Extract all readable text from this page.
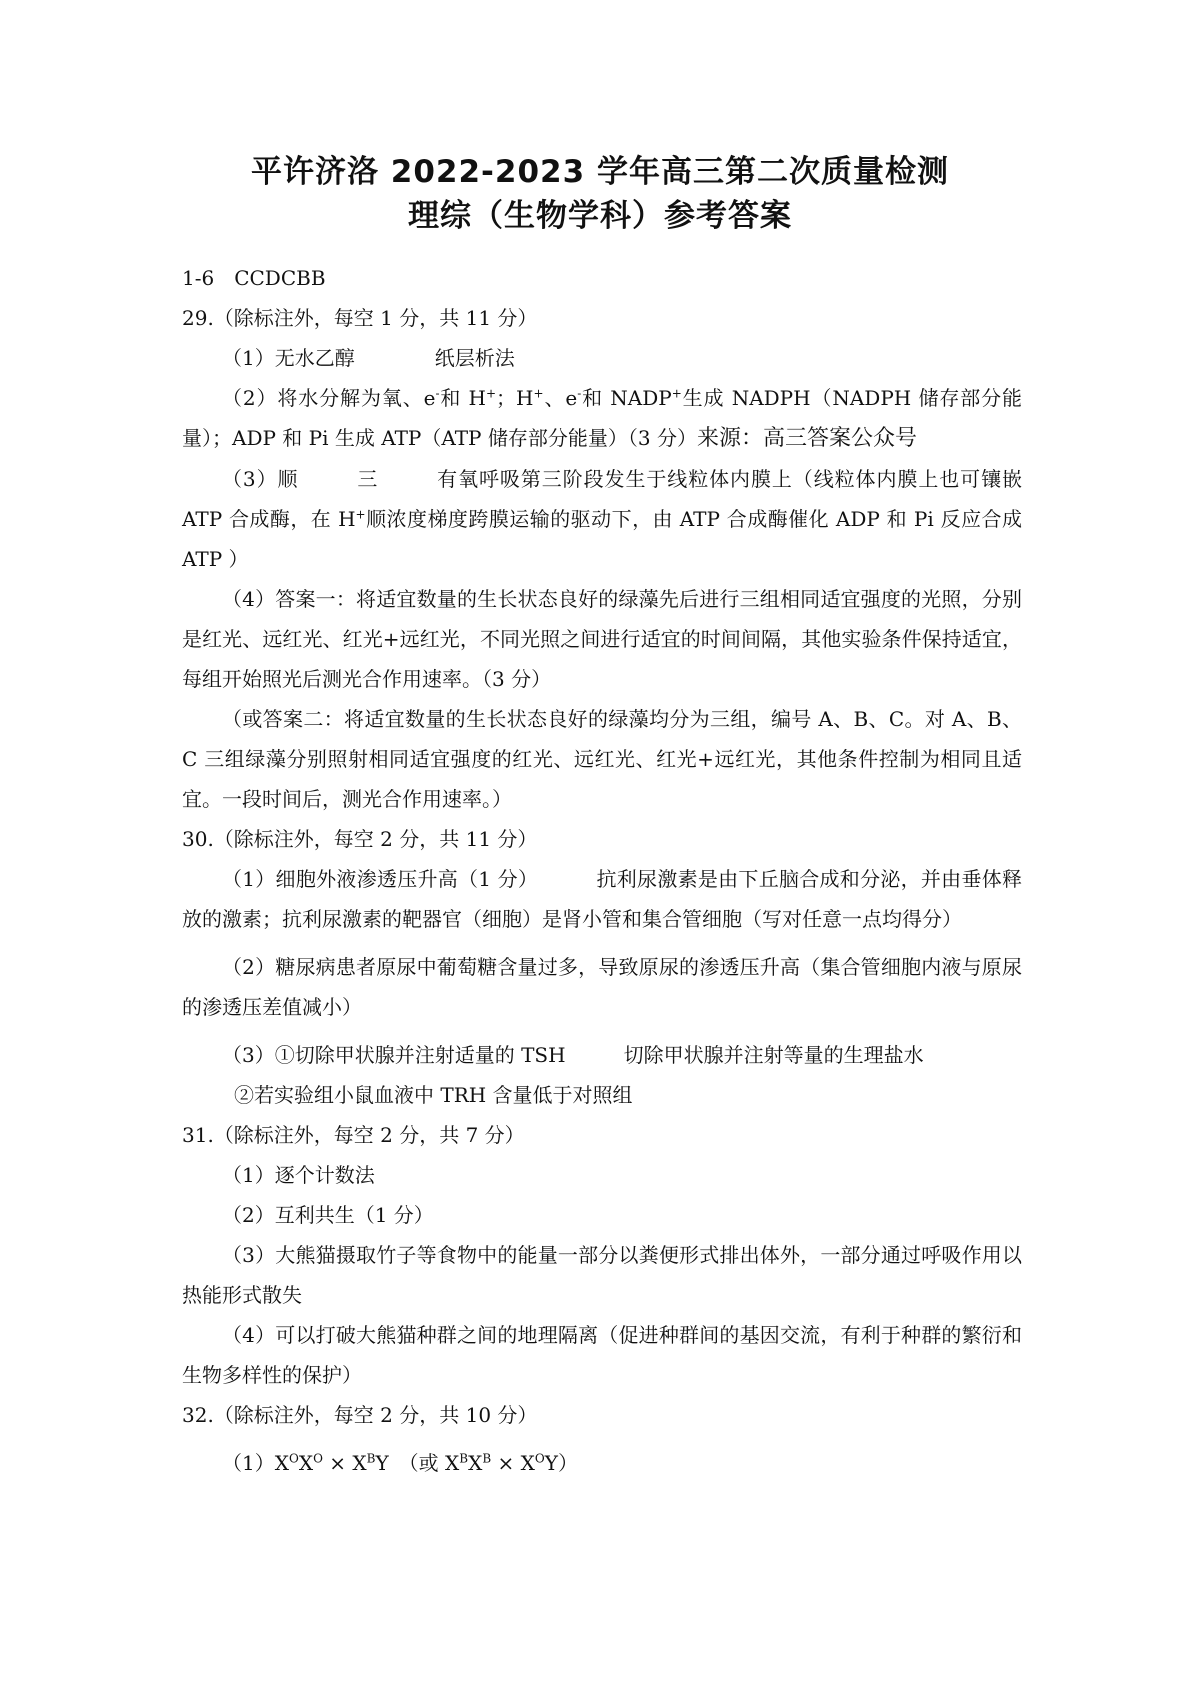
平许济洛 2022-2023 学年高三第二次质量检测
理综（生物学科）参考答案

1-6　CCDCBB

29.（除标注外，每空 1 分，共 11 分）

（1）无水乙醇	纸层析法

（2）将水分解为氧、e-和 H+；H+、e-和 NADP+生成 NADPH（NADPH 储存部分能量）；ADP 和 Pi 生成 ATP（ATP 储存部分能量）（3 分）来源：高三答案公众号

（3）顺	三	有氧呼吸第三阶段发生于线粒体内膜上（线粒体内膜上也可镶嵌 ATP 合成酶，在 H+顺浓度梯度跨膜运输的驱动下，由 ATP 合成酶催化 ADP 和 Pi 反应合成 ATP ）

（4）答案一：将适宜数量的生长状态良好的绿藻先后进行三组相同适宜强度的光照，分别是红光、远红光、红光+远红光，不同光照之间进行适宜的时间间隔，其他实验条件保持适宜，每组开始照光后测光合作用速率。（3 分）

（或答案二：将适宜数量的生长状态良好的绿藻均分为三组，编号 A、B、C。对 A、B、C 三组绿藻分别照射相同适宜强度的红光、远红光、红光+远红光，其他条件控制为相同且适宜。一段时间后，测光合作用速率。）

30.（除标注外，每空 2 分，共 11 分）

（1）细胞外液渗透压升高（1 分）	抗利尿激素是由下丘脑合成和分泌，并由垂体释放的激素；抗利尿激素的靶器官（细胞）是肾小管和集合管细胞（写对任意一点均得分）

（2）糖尿病患者原尿中葡萄糖含量过多，导致原尿的渗透压升高（集合管细胞内液与原尿的渗透压差值减小）

（3）①切除甲状腺并注射适量的 TSH	切除甲状腺并注射等量的生理盐水

②若实验组小鼠血液中 TRH 含量低于对照组

31.（除标注外，每空 2 分，共 7 分）

（1）逐个计数法

（2）互利共生（1 分）

（3）大熊猫摄取竹子等食物中的能量一部分以粪便形式排出体外，一部分通过呼吸作用以热能形式散失

（4）可以打破大熊猫种群之间的地理隔离（促进种群间的基因交流，有利于种群的繁衍和生物多样性的保护）

32.（除标注外，每空 2 分，共 10 分）

$(1)X^OX^O \times X^BY$　（或 $X^BX^B \times X^OY$）
